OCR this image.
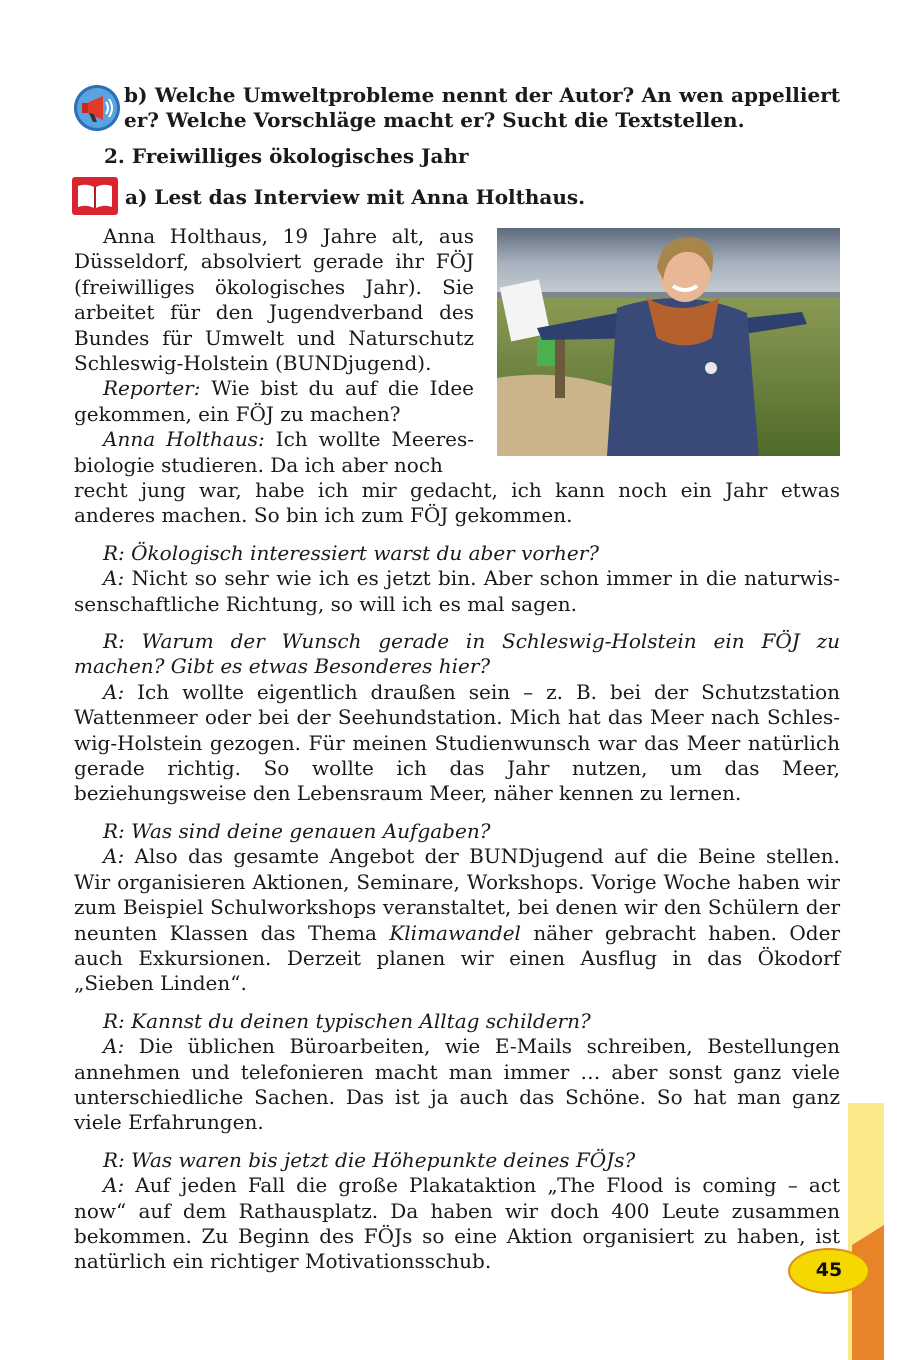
b) Welche Umweltprobleme nennt der Autor? An wen appelliert er? Welche Vorschläge macht er? Sucht die Textstellen.

2. Freiwilliges ökologisches Jahr
a) Lest das Interview mit Anna Holthaus.

Anna Holthaus, 19 Jahre alt, aus Düsseldorf, absolviert gerade ihr FÖJ (freiwilliges ökologisches Jahr). Sie arbeitet für den Jugendverband des Bundes für Umwelt und Naturschutz Schleswig-Holstein (BUNDjugend).

Reporter: Wie bist du auf die Idee gekommen, ein FÖJ zu machen?

Anna Holthaus: Ich wollte Meeresbiologie studieren. Da ich aber noch

recht jung war, habe ich mir gedacht, ich kann noch ein Jahr etwas anderes machen. So bin ich zum FÖJ gekommen.

R: Ökologisch interessiert warst du aber vorher?

A: Nicht so sehr wie ich es jetzt bin. Aber schon immer in die naturwissenschaftliche Richtung, so will ich es mal sagen.

R: Warum der Wunsch gerade in Schleswig-Holstein ein FÖJ zu machen? Gibt es etwas Besonderes hier?

A: Ich wollte eigentlich draußen sein – z. B. bei der Schutzstation Wattenmeer oder bei der Seehundstation. Mich hat das Meer nach Schleswig-Holstein gezogen. Für meinen Studienwunsch war das Meer natürlich gerade richtig. So wollte ich das Jahr nutzen, um das Meer, beziehungsweise den Lebensraum Meer, näher kennen zu lernen.

R: Was sind deine genauen Aufgaben?

A: Also das gesamte Angebot der BUNDjugend auf die Beine stellen. Wir organisieren Aktionen, Seminare, Workshops. Vorige Woche haben wir zum Beispiel Schulworkshops veranstaltet, bei denen wir den Schülern der neunten Klassen das Thema Klimawandel näher gebracht haben. Oder auch Exkursionen. Derzeit planen wir einen Ausflug in das Ökodorf „Sieben Linden“.

R: Kannst du deinen typischen Alltag schildern?

A: Die üblichen Büroarbeiten, wie E-Mails schreiben, Bestellungen annehmen und telefonieren macht man immer … aber sonst ganz viele unterschiedliche Sachen. Das ist ja auch das Schöne. So hat man ganz viele Erfahrungen.

R: Was waren bis jetzt die Höhepunkte deines FÖJs?

A: Auf jeden Fall die große Plakataktion „The Flood is coming – act now“ auf dem Rathausplatz. Da haben wir doch 400 Leute zusammen bekommen. Zu Beginn des FÖJs so eine Aktion organisiert zu haben, ist natürlich ein richtiger Motivationsschub.	45
